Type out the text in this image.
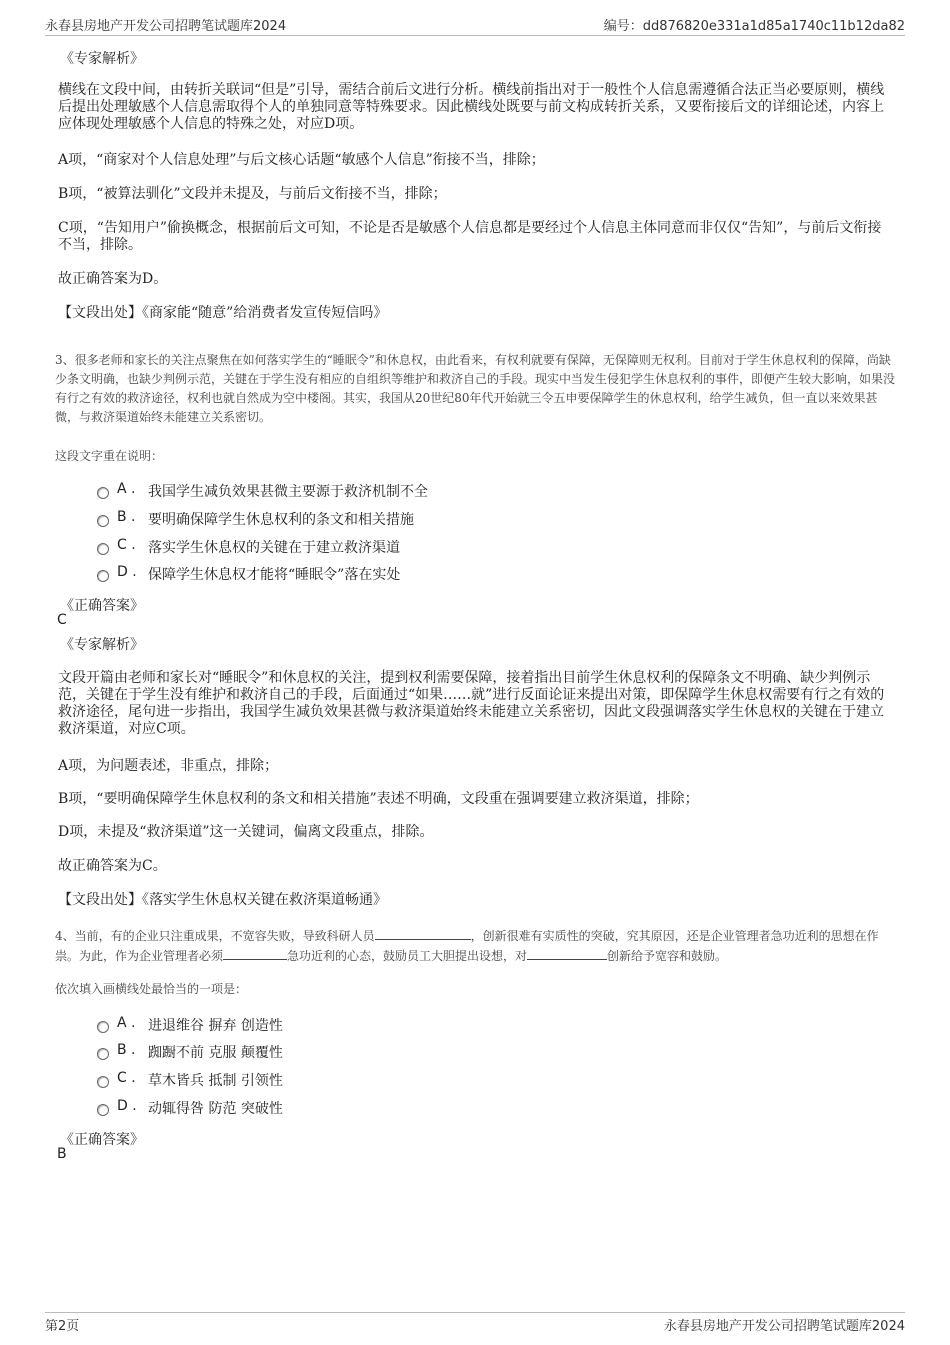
永春县房地产开发公司招聘笔试题库2024	编号：dd876820e331a1d85a1740c11b12da82

《专家解析》

横线在文段中间，由转折关联词“但是”引导，需结合前后文进行分析。横线前指出对于一般性个人信息需遵循合法正当必要原则，横线后提出处理敏感个人信息需取得个人的单独同意等特殊要求。因此横线处既要与前文构成转折关系，又要衔接后文的详细论述，内容上应体现处理敏感个人信息的特殊之处，对应D项。

A项，“商家对个人信息处理”与后文核心话题“敏感个人信息”衔接不当，排除；

B项，“被算法驯化”文段并未提及，与前后文衔接不当，排除；

C项，“告知用户”偷换概念，根据前后文可知，不论是否是敏感个人信息都是要经过个人信息主体同意而非仅仅“告知”，与前后文衔接不当，排除。

故正确答案为D。

【文段出处】《商家能“随意”给消费者发宣传短信吗》

3、很多老师和家长的关注点聚焦在如何落实学生的“睡眠令”和休息权，由此看来，有权利就要有保障，无保障则无权利。目前对于学生休息权利的保障，尚缺少条文明确，也缺少判例示范，关键在于学生没有相应的自组织等维护和救济自己的手段。现实中当发生侵犯学生休息权利的事件，即便产生较大影响，如果没有行之有效的救济途径，权利也就自然成为空中楼阁。其实，我国从20世纪80年代开始就三令五申要保障学生的休息权利，给学生减负，但一直以来效果甚微，与救济渠道始终未能建立关系密切。

这段文字重在说明：

A . 我国学生减负效果甚微主要源于救济机制不全
B . 要明确保障学生休息权利的条文和相关措施
C . 落实学生休息权的关键在于建立救济渠道
D . 保障学生休息权才能将“睡眠令”落在实处

《正确答案》

C

《专家解析》

文段开篇由老师和家长对“睡眠令”和休息权的关注，提到权利需要保障，接着指出目前学生休息权利的保障条文不明确、缺少判例示范，关键在于学生没有维护和救济自己的手段，后面通过“如果……就”进行反面论证来提出对策，即保障学生休息权需要有行之有效的救济途径，尾句进一步指出，我国学生减负效果甚微与救济渠道始终未能建立关系密切，因此文段强调落实学生休息权的关键在于建立救济渠道，对应C项。

A项，为问题表述，非重点，排除；

B项，“要明确保障学生休息权利的条文和相关措施”表述不明确，文段重在强调要建立救济渠道，排除；

D项，未提及“救济渠道”这一关键词，偏离文段重点，排除。

故正确答案为C。

【文段出处】《落实学生休息权关键在救济渠道畅通》

4、当前，有的企业只注重成果，不宽容失败，导致科研人员	，创新很难有实质性的突破，究其原因，还是企业管理者急功近利的思想在作祟。为此，作为企业管理者必须	急功近利的心态，鼓励员工大胆提出设想，对	创新给予宽容和鼓励。

依次填入画横线处最恰当的一项是：

A . 进退维谷 摒弃 创造性
B . 踟蹰不前 克服 颠覆性
C . 草木皆兵 抵制 引领性
D . 动辄得咎 防范 突破性

《正确答案》

B

第2页	永春县房地产开发公司招聘笔试题库2024
